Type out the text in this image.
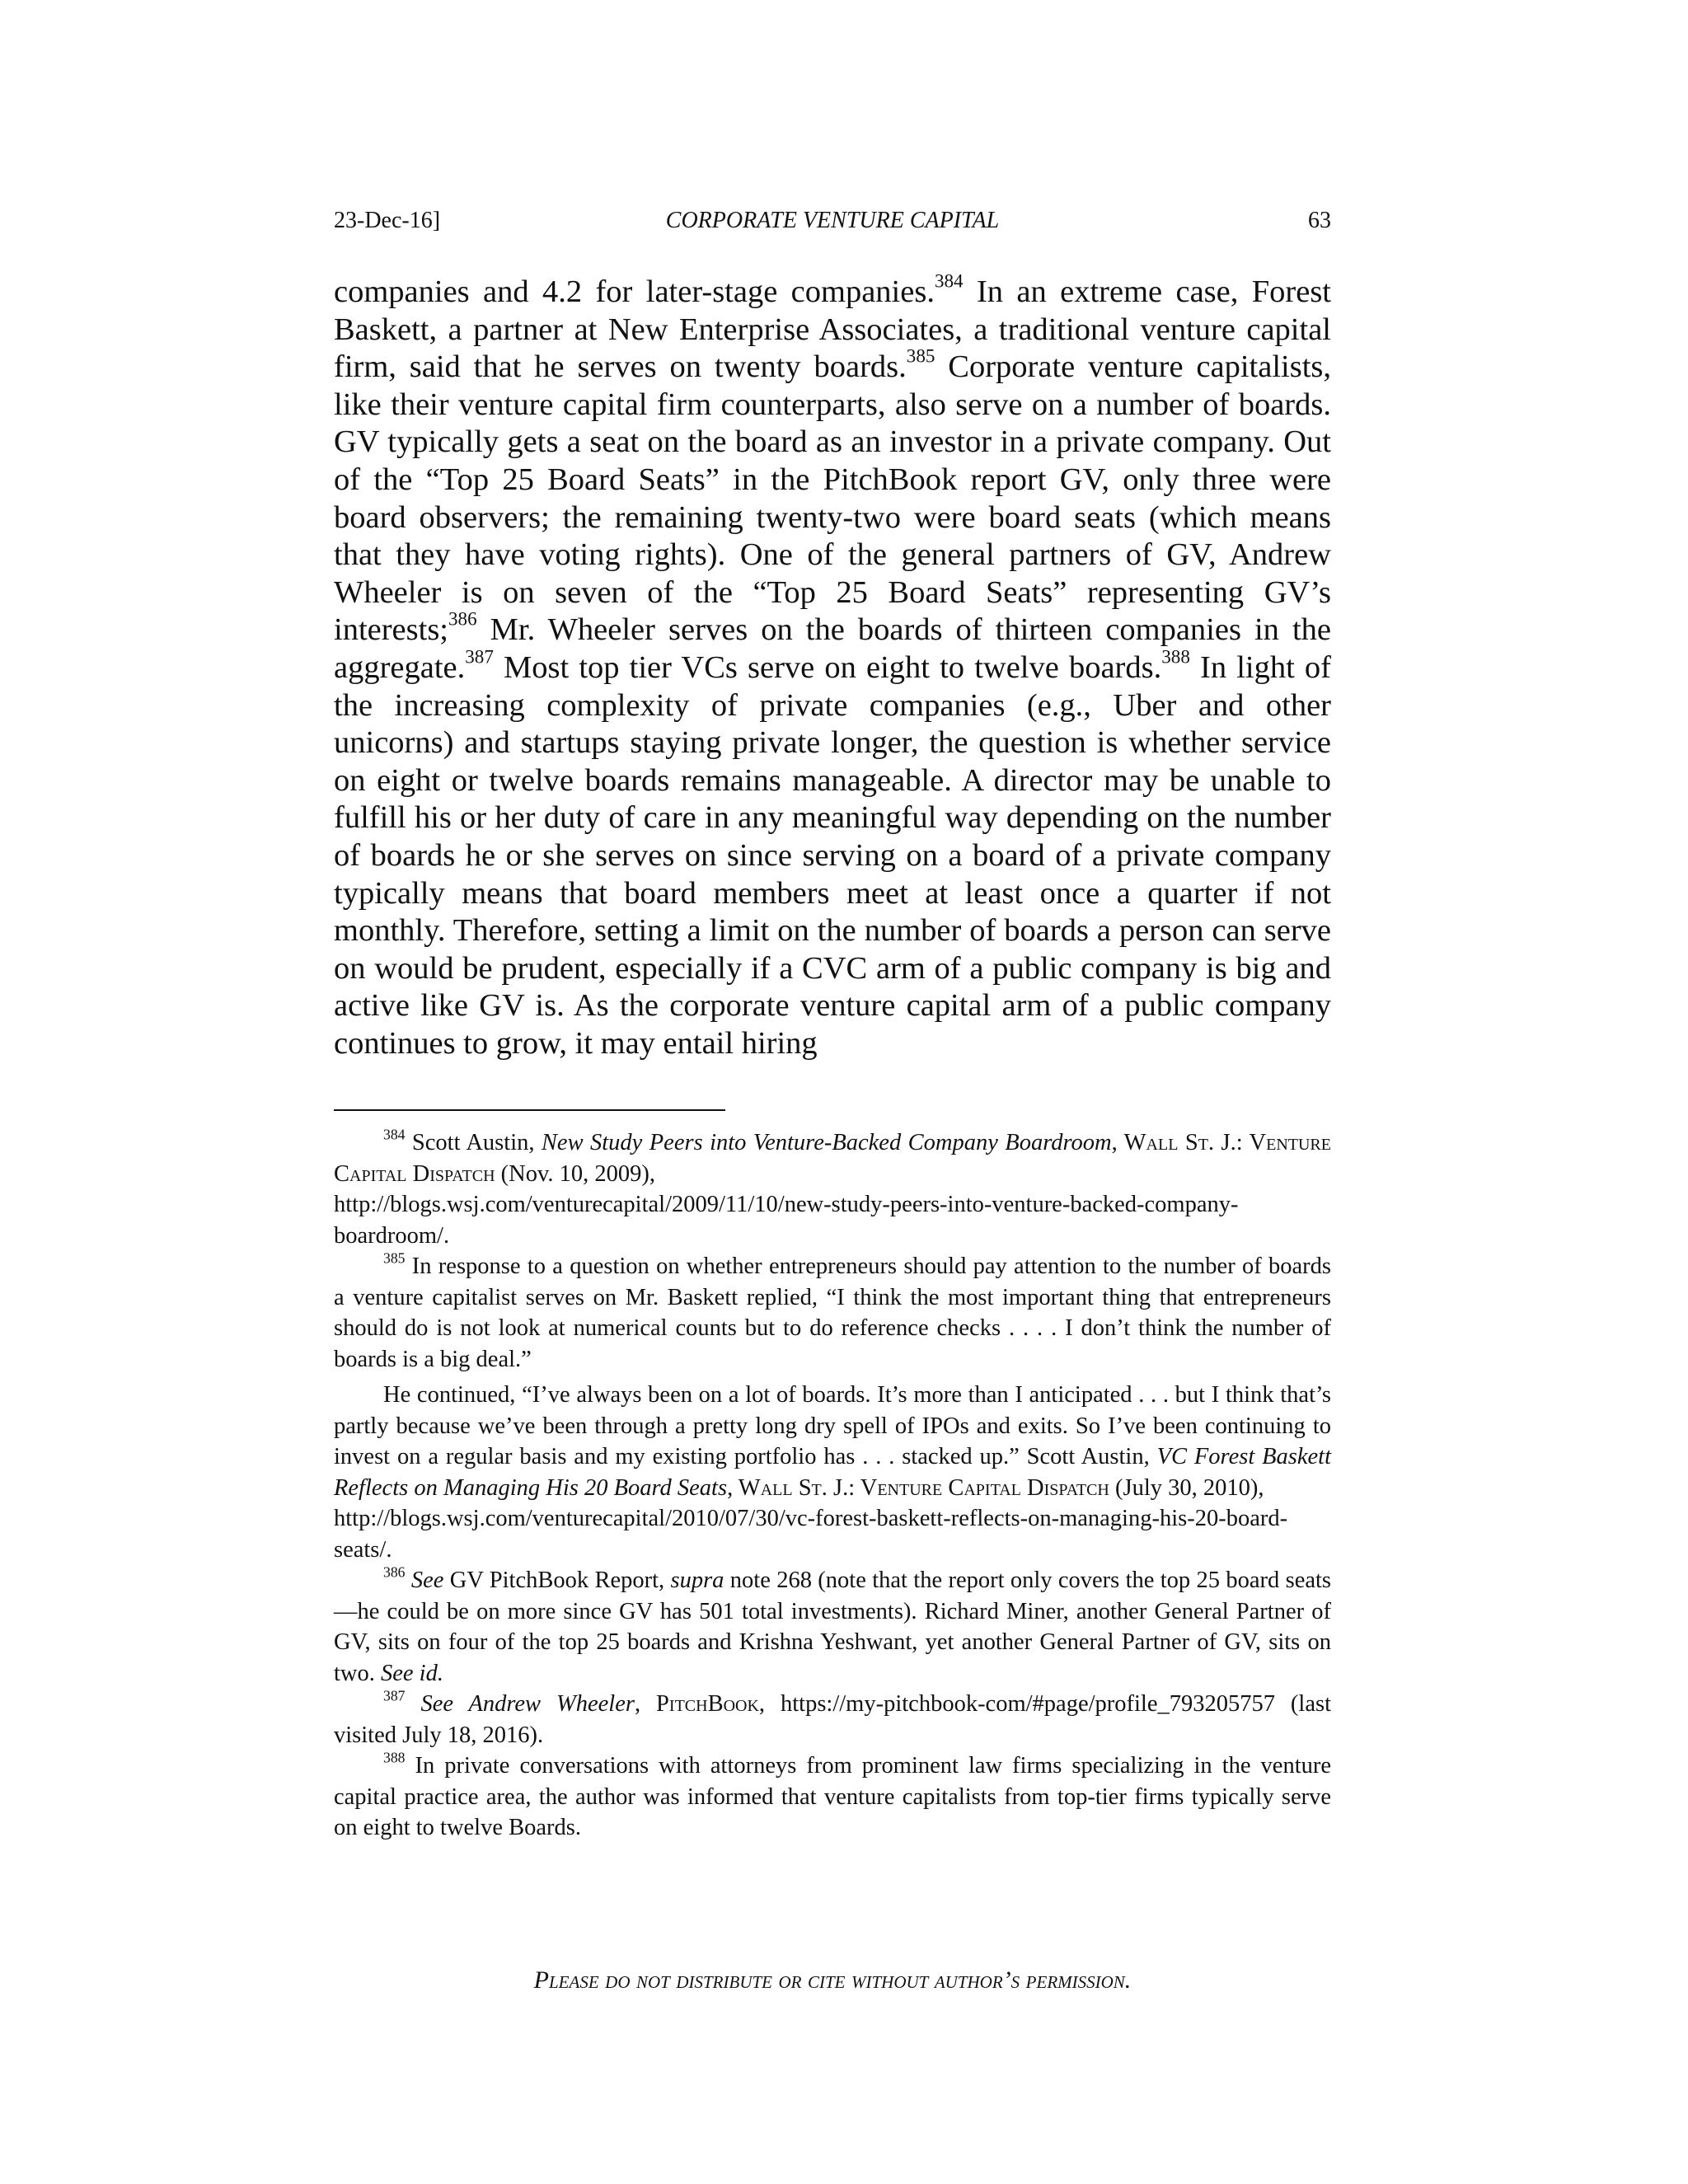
23-Dec-16]	CORPORATE VENTURE CAPITAL	63

companies and 4.2 for later-stage companies.$^{384}$ In an extreme case, Forest Baskett, a partner at New Enterprise Associates, a traditional venture capital firm, said that he serves on twenty boards.$^{385}$ Corporate venture capitalists, like their venture capital firm counterparts, also serve on a number of boards. GV typically gets a seat on the board as an investor in a private company. Out of the “Top 25 Board Seats” in the PitchBook report GV, only three were board observers; the remaining twenty-two were board seats (which means that they have voting rights). One of the general partners of GV, Andrew Wheeler is on seven of the “Top 25 Board Seats” representing GV’s interests;$^{386}$ Mr. Wheeler serves on the boards of thirteen companies in the aggregate.$^{387}$ Most top tier VCs serve on eight to twelve boards.$^{388}$ In light of the increasing complexity of private companies (e.g., Uber and other unicorns) and startups staying private longer, the question is whether service on eight or twelve boards remains manageable. A director may be unable to fulfill his or her duty of care in any meaningful way depending on the number of boards he or she serves on since serving on a board of a private company typically means that board members meet at least once a quarter if not monthly. Therefore, setting a limit on the number of boards a person can serve on would be prudent, especially if a CVC arm of a public company is big and active like GV is. As the corporate venture capital arm of a public company continues to grow, it may entail hiring

$^{384}$ Scott Austin, New Study Peers into Venture-Backed Company Boardroom, Wall St. J.: Venture Capital Dispatch (Nov. 10, 2009),
http://blogs.wsj.com/venturecapital/2009/11/10/new-study-peers-into-venture-backed-company-boardroom/.

$^{385}$ In response to a question on whether entrepreneurs should pay attention to the number of boards a venture capitalist serves on Mr. Baskett replied, “I think the most important thing that entrepreneurs should do is not look at numerical counts but to do reference checks . . . . I don’t think the number of boards is a big deal.”

He continued, “I’ve always been on a lot of boards. It’s more than I anticipated . . . but I think that’s partly because we’ve been through a pretty long dry spell of IPOs and exits. So I’ve been continuing to invest on a regular basis and my existing portfolio has . . . stacked up.” Scott Austin, VC Forest Baskett Reflects on Managing His 20 Board Seats, Wall St. J.: Venture Capital Dispatch (July 30, 2010),
http://blogs.wsj.com/venturecapital/2010/07/30/vc-forest-baskett-reflects-on-managing-his-20-board-seats/.

$^{386}$ See GV PitchBook Report, supra note 268 (note that the report only covers the top 25 board seats—he could be on more since GV has 501 total investments). Richard Miner, another General Partner of GV, sits on four of the top 25 boards and Krishna Yeshwant, yet another General Partner of GV, sits on two. See id.

$^{387}$ See Andrew Wheeler, PitchBook, https://my-pitchbook-com/#page/profile_793205757 (last visited July 18, 2016).

$^{388}$ In private conversations with attorneys from prominent law firms specializing in the venture capital practice area, the author was informed that venture capitalists from top-tier firms typically serve on eight to twelve Boards.

Please do not distribute or cite without author’s permission.
